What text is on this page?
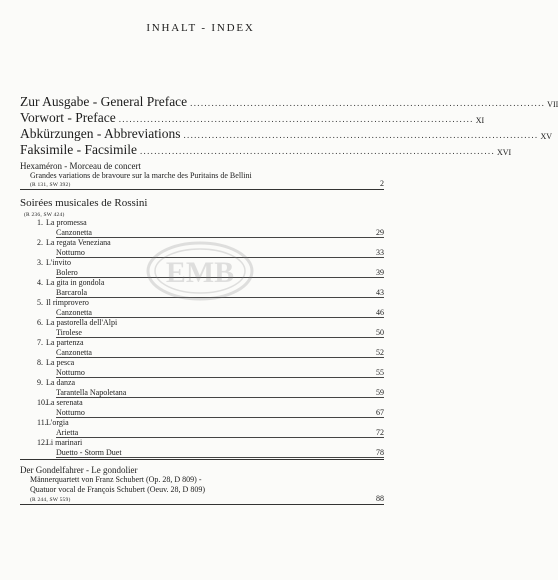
INHALT - INDEX
Zur Ausgabe - General Preface .................................................................................................... VII
Vorwort - Preface .................................................................................................... XI
Abkürzungen - Abbreviations .................................................................................................... XV
Faksimile - Facsimile .................................................................................................... XVI
Hexaméron - Morceau de concert
Grandes variations de bravoure sur la marche des Puritains de Bellini
(R 131, SW 392)	2
Soirées musicales de Rossini
(R 236, SW 424)
1. La promessa
Canzonetta	29
2. La regata Veneziana
Notturno	33
3. L'invito
Bolero	39
4. La gita in gondola
Barcarola	43
5. Il rimprovero
Canzonetta	46
6. La pastorella dell'Alpi
Tirolese	50
7. La partenza
Canzonetta	52
8. La pesca
Notturno	55
9. La danza
Tarantella Napoletana	59
10. La serenata
Notturno	67
11. L'orgia
Arietta	72
12. Li marinari
Duetto - Storm Duet	78
Der Gondelfahrer - Le gondolier
Männerquartett von Franz Schubert (Op. 28, D 809) -
Quatuor vocal de François Schubert (Oeuv. 28, D 809)
(R 244, SW 559)	88
EMB
